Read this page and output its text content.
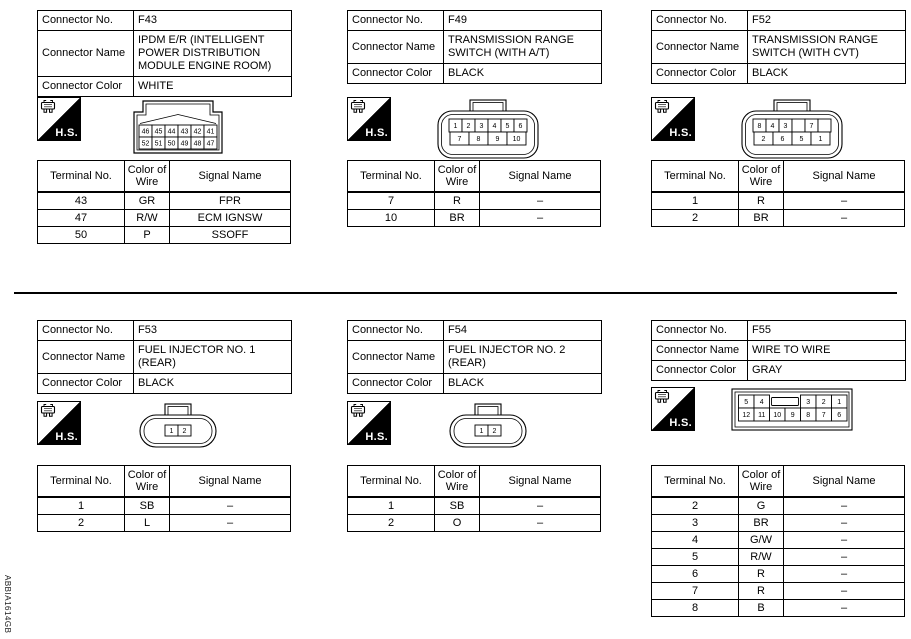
ABBIA1614GB
Connector No.	F43
Connector Name	IPDM E/R (INTELLIGENT POWER DISTRIBUTION MODULE ENGINE ROOM)
Connector Color	WHITE
H.S.	46 45 44 43 42 41
52 51 50 49 48 47
Terminal No.	Color of Wire	Signal Name
43	GR	FPR
47	R/W	ECM IGNSW
50	P	SSOFF
Connector No.	F49
Connector Name	TRANSMISSION RANGE SWITCH (WITH A/T)
Connector Color	BLACK
H.S.
1 2 3 4 5 6
7 8 9 10
Terminal No.	Color of Wire	Signal Name
7	R	–
10	BR	–
Connector No.	F52
Connector Name	TRANSMISSION RANGE SWITCH (WITH CVT)
Connector Color	BLACK
H.S.
8 4 3	7
2 6 5 1
Terminal No.	Color of Wire	Signal Name
1	R	–
2	BR	–
Connector No.	F53
Connector Name	FUEL INJECTOR NO. 1 (REAR)
Connector Color	BLACK
H.S.	1 2
Terminal No.	Color of Wire	Signal Name
1	SB	–
2	L	–
Connector No.	F54
Connector Name	FUEL INJECTOR NO. 2 (REAR)
Connector Color	BLACK
H.S.	1 2
Terminal No.	Color of Wire	Signal Name
1	SB	–
2	O	–
Connector No.	F55
Connector Name	WIRE TO WIRE
Connector Color	GRAY
H.S.
5 4	3 2 1
12 11 10 9 8 7 6
Terminal No.	Color of Wire	Signal Name
2	G	–
3	BR	–
4	G/W	–
5	R/W	–
6	R	–
7	R	–
8	B	–
